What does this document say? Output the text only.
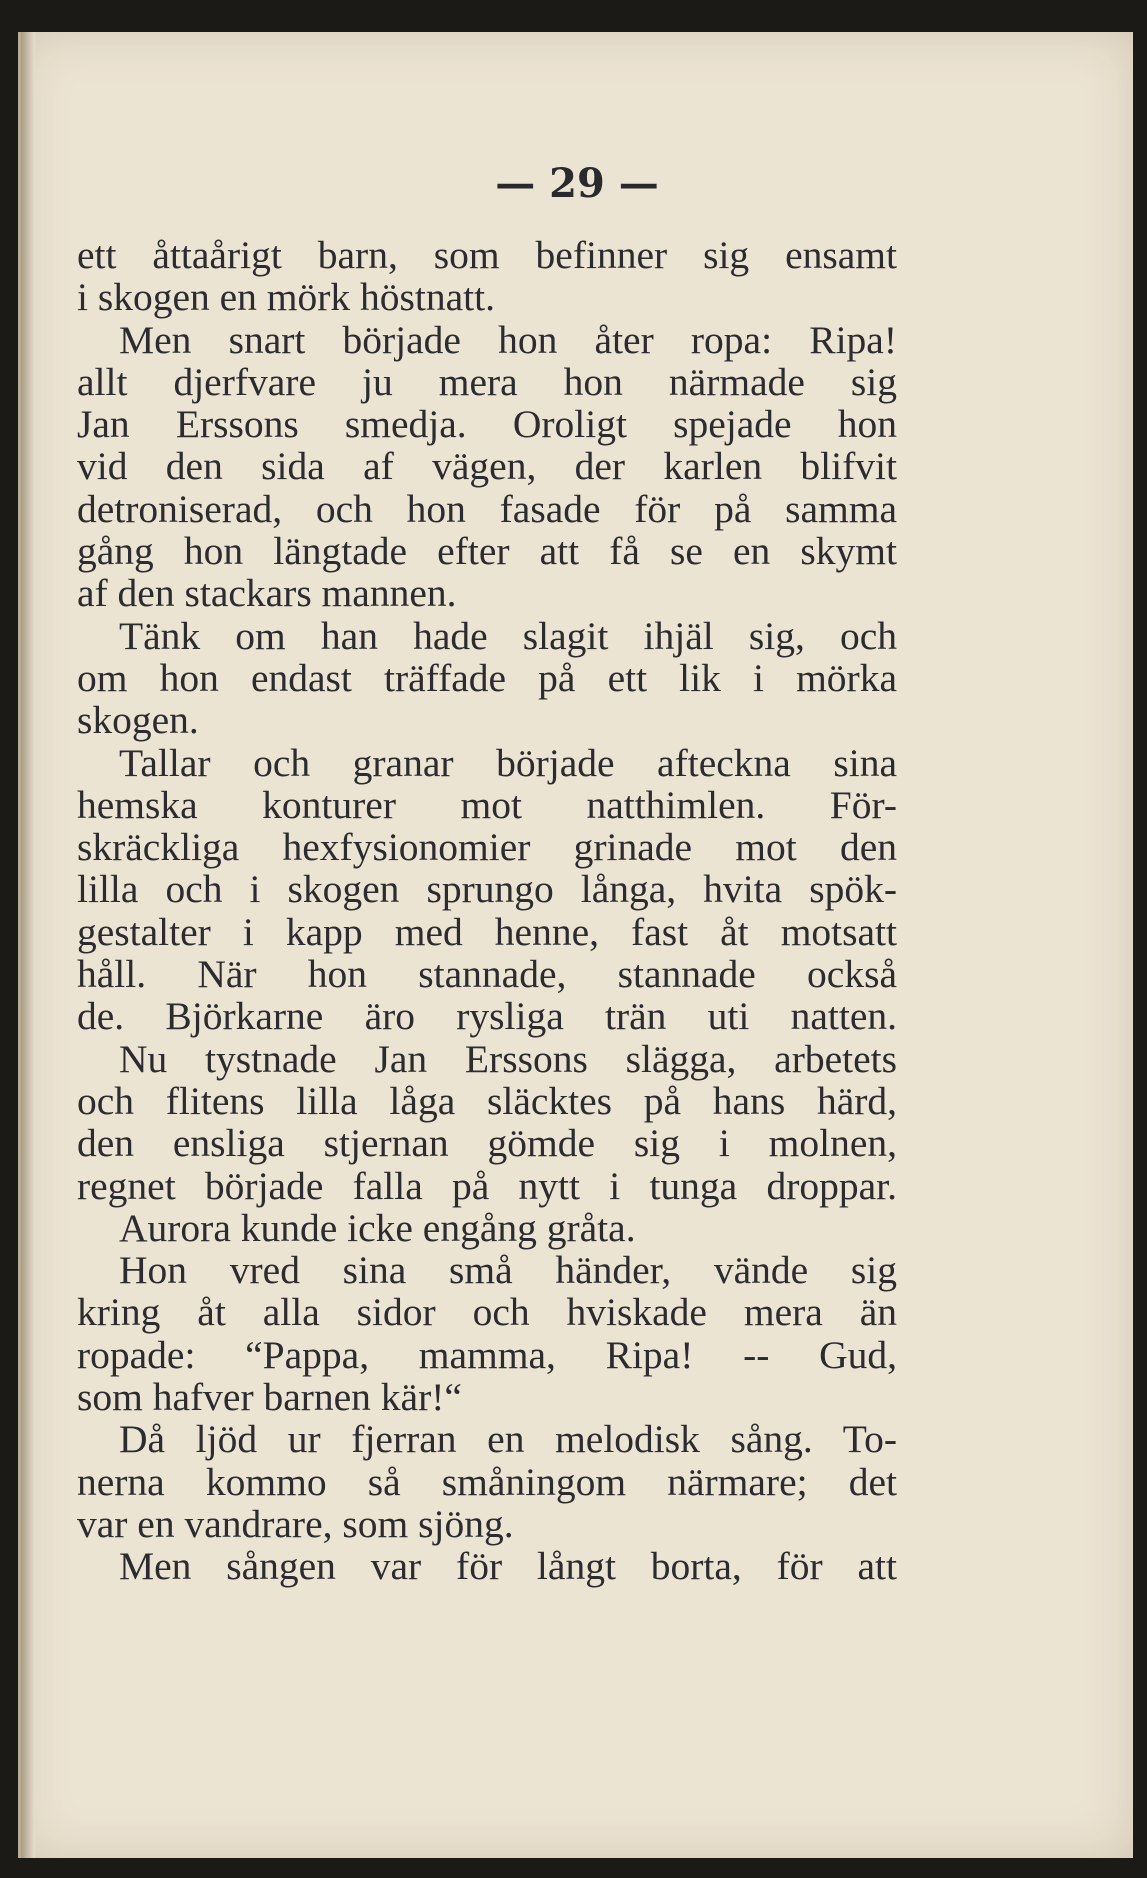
— 29 —
ett åttaårigt barn, som befinner sig ensamt
i skogen en mörk höstnatt.
Men snart började hon åter ropa: Ripa!
allt djerfvare ju mera hon närmade sig
Jan Erssons smedja. Oroligt spejade hon
vid den sida af vägen, der karlen blifvit
detroniserad, och hon fasade för på samma
gång hon längtade efter att få se en skymt
af den stackars mannen.
Tänk om han hade slagit ihjäl sig, och
om hon endast träffade på ett lik i mörka
skogen.
Tallar och granar började afteckna sina
hemska konturer mot natthimlen. För-
skräckliga hexfysionomier grinade mot den
lilla och i skogen sprungo långa, hvita spök-
gestalter i kapp med henne, fast åt motsatt
håll. När hon stannade, stannade också
de. Björkarne äro rysliga trän uti natten.
Nu tystnade Jan Erssons slägga, arbetets
och flitens lilla låga släcktes på hans härd,
den ensliga stjernan gömde sig i molnen,
regnet började falla på nytt i tunga droppar.
Aurora kunde icke engång gråta.
Hon vred sina små händer, vände sig
kring åt alla sidor och hviskade mera än
ropade: “Pappa, mamma, Ripa! -- Gud,
som hafver barnen kär!“
Då ljöd ur fjerran en melodisk sång. To-
nerna kommo så småningom närmare; det
var en vandrare, som sjöng.
Men sången var för långt borta, för att
